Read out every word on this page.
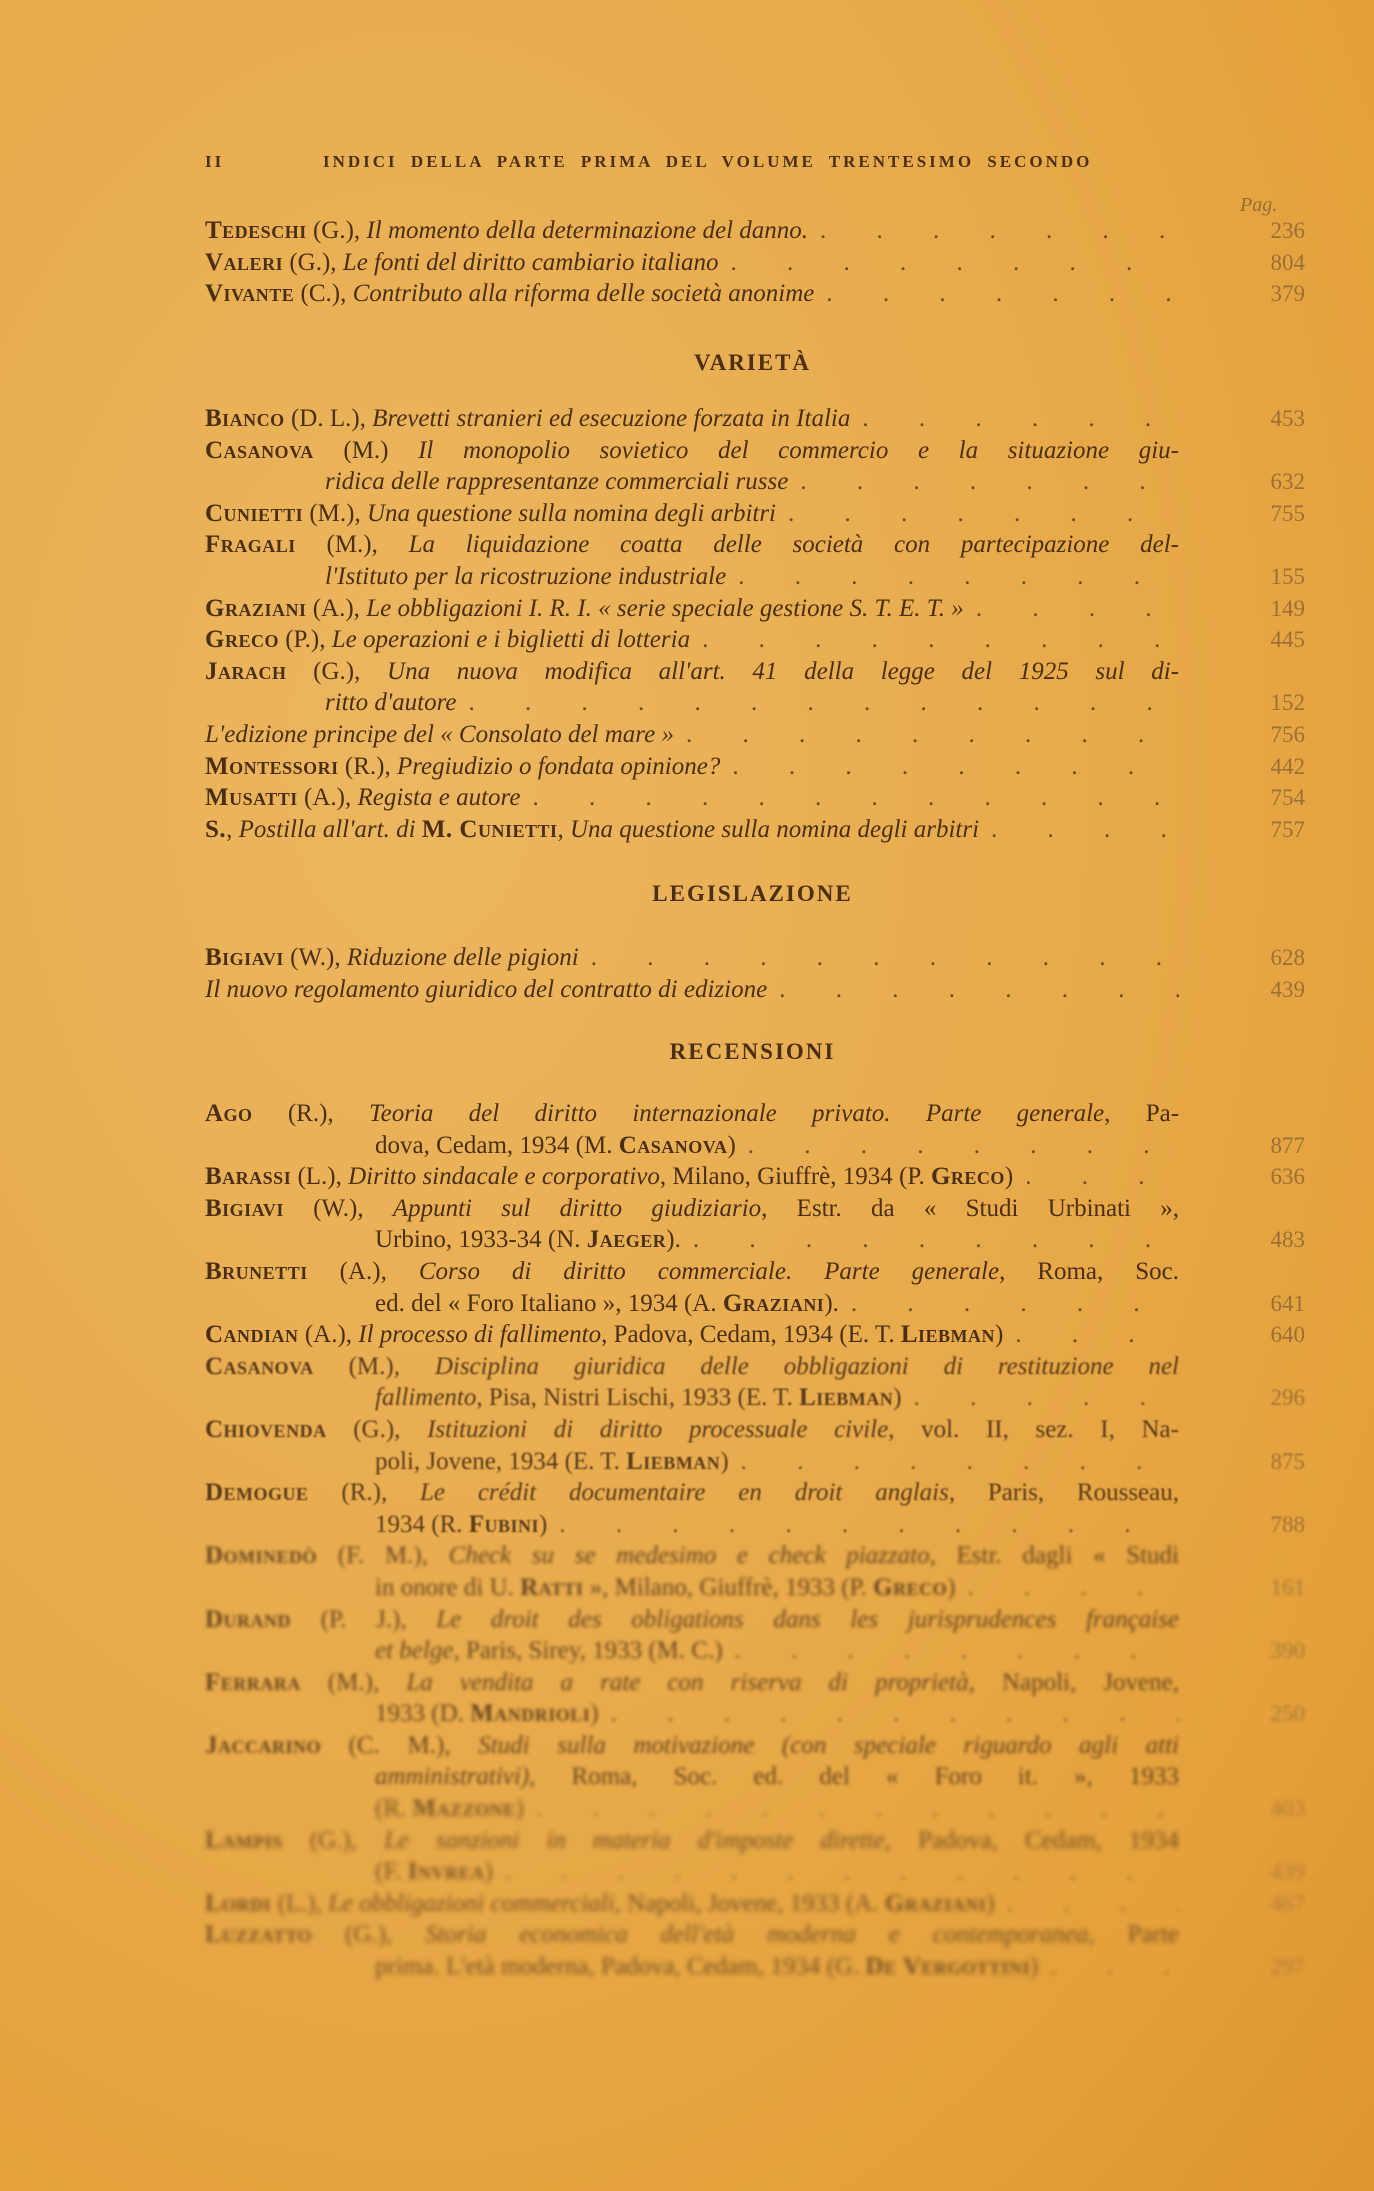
II	INDICI DELLA PARTE PRIMA DEL VOLUME TRENTESIMO SECONDO
Pag.
Tedeschi (G.), Il momento della determinazione del danno. . . .	236
Valeri (G.), Le fonti del diritto cambiario italiano . . .	804
Vivante (C.), Contributo alla riforma delle società anonime . . .	379
VARIETÀ
Bianco (D. L.), Brevetti stranieri ed esecuzione forzata in Italia . . .	453
Casanova (M.) Il monopolio sovietico del commercio e la situazione giu-
ridica delle rappresentanze commerciali russe . . .	632
Cunietti (M.), Una questione sulla nomina degli arbitri . . .	755
Fragali (M.), La liquidazione coatta delle società con partecipazione del-
l'Istituto per la ricostruzione industriale . . .	155
Graziani (A.), Le obbligazioni I. R. I. « serie speciale gestione S. T. E. T. » . . .	149
Greco (P.), Le operazioni e i biglietti di lotteria . . .	445
Jarach (G.), Una nuova modifica all'art. 41 della legge del 1925 sul di-
ritto d'autore . . .	152
L'edizione principe del « Consolato del mare » . . .	756
Montessori (R.), Pregiudizio o fondata opinione? . . .	442
Musatti (A.), Regista e autore . . .	754
S., Postilla all'art. di M. Cunietti, Una questione sulla nomina degli arbitri . . .	757
LEGISLAZIONE
Bigiavi (W.), Riduzione delle pigioni . . .	628
Il nuovo regolamento giuridico del contratto di edizione . . .	439
RECENSIONI
Ago (R.), Teoria del diritto internazionale privato. Parte generale, Pa-
dova, Cedam, 1934 (M. Casanova) . . .	877
Barassi (L.), Diritto sindacale e corporativo, Milano, Giuffrè, 1934 (P. Greco) . . .	636
Bigiavi (W.), Appunti sul diritto giudiziario, Estr. da « Studi Urbinati »,
Urbino, 1933-34 (N. Jaeger). . . .	483
Brunetti (A.), Corso di diritto commerciale. Parte generale, Roma, Soc.
ed. del « Foro Italiano », 1934 (A. Graziani). . . .	641
Candian (A.), Il processo di fallimento, Padova, Cedam, 1934 (E. T. Liebman) . . .	640
Casanova (M.), Disciplina giuridica delle obbligazioni di restituzione nel
fallimento, Pisa, Nistri Lischi, 1933 (E. T. Liebman) . . .	296
Chiovenda (G.), Istituzioni di diritto processuale civile, vol. II, sez. I, Na-
poli, Jovene, 1934 (E. T. Liebman) . . .	875
Demogue (R.), Le crédit documentaire en droit anglais, Paris, Rousseau,
1934 (R. Fubini) . . .	788
Dominedò (F. M.), Check su se medesimo e check piazzato, Estr. dagli « Studi
in onore di U. Ratti », Milano, Giuffrè, 1933 (P. Greco) . . .	161
Durand (P. J.), Le droit des obligations dans les jurisprudences française
et belge, Paris, Sirey, 1933 (M. C.) . . .	390
Ferrara (M.), La vendita a rate con riserva di proprietà, Napoli, Jovene,
1933 (D. Mandrioli) . . .	250
Jaccarino (C. M.), Studi sulla motivazione (con speciale riguardo agli atti
amministrativi), Roma, Soc. ed. del « Foro it. », 1933
(R. Mazzone) . . .	403
Lampis (G.), Le sanzioni in materia d'imposte dirette, Padova, Cedam, 1934
(F. Invrea) . . .	439
Lordi (L.), Le obbligazioni commerciali, Napoli, Jovene, 1933 (A. Graziani) . . .	467
Luzzatto (G.), Storia economica dell'età moderna e contemporanea, Parte
prima. L'età moderna, Padova, Cedam, 1934 (G. De Vergottini) . . .	297
